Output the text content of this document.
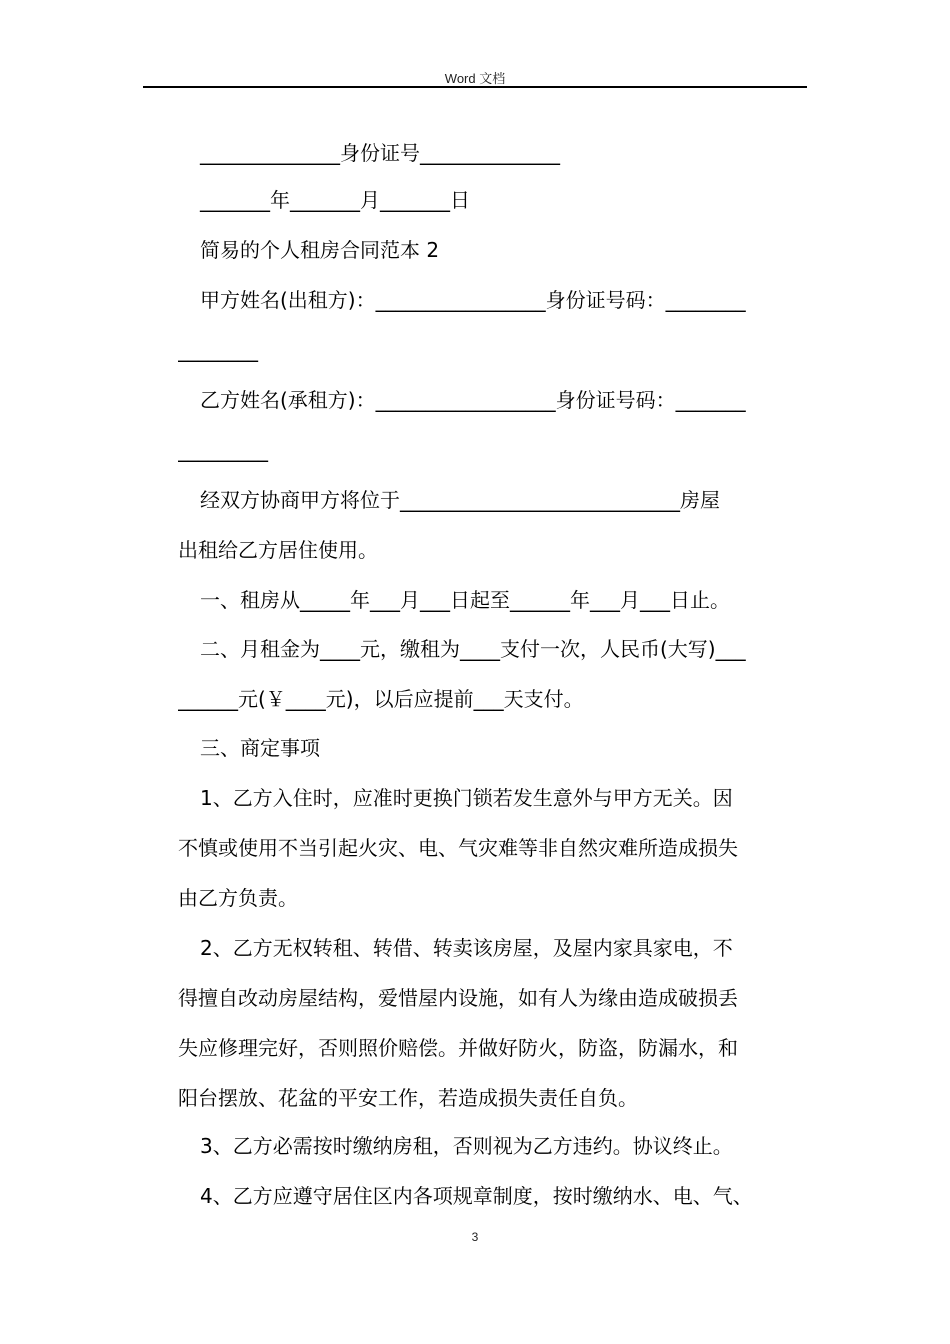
Word 文档
______________身份证号______________
_______年_______月_______日
简易的个人租房合同范本 2
甲方姓名(出租方)：_________________身份证号码：________
________
乙方姓名(承租方)：__________________身份证号码：_______
_________
经双方协商甲方将位于____________________________房屋
出租给乙方居住使用。
一、租房从_____年___月___日起至______年___月___日止。
二、月租金为____元，缴租为____支付一次，人民币(大写)___
______元(￥____元)，以后应提前___天支付。
三、商定事项
1、乙方入住时，应准时更换门锁若发生意外与甲方无关。因
不慎或使用不当引起火灾、电、气灾难等非自然灾难所造成损失
由乙方负责。
2、乙方无权转租、转借、转卖该房屋，及屋内家具家电，不
得擅自改动房屋结构，爱惜屋内设施，如有人为缘由造成破损丢
失应修理完好，否则照价赔偿。并做好防火，防盗，防漏水，和
阳台摆放、花盆的平安工作，若造成损失责任自负。
3、乙方必需按时缴纳房租，否则视为乙方违约。协议终止。
4、乙方应遵守居住区内各项规章制度，按时缴纳水、电、气、
3
